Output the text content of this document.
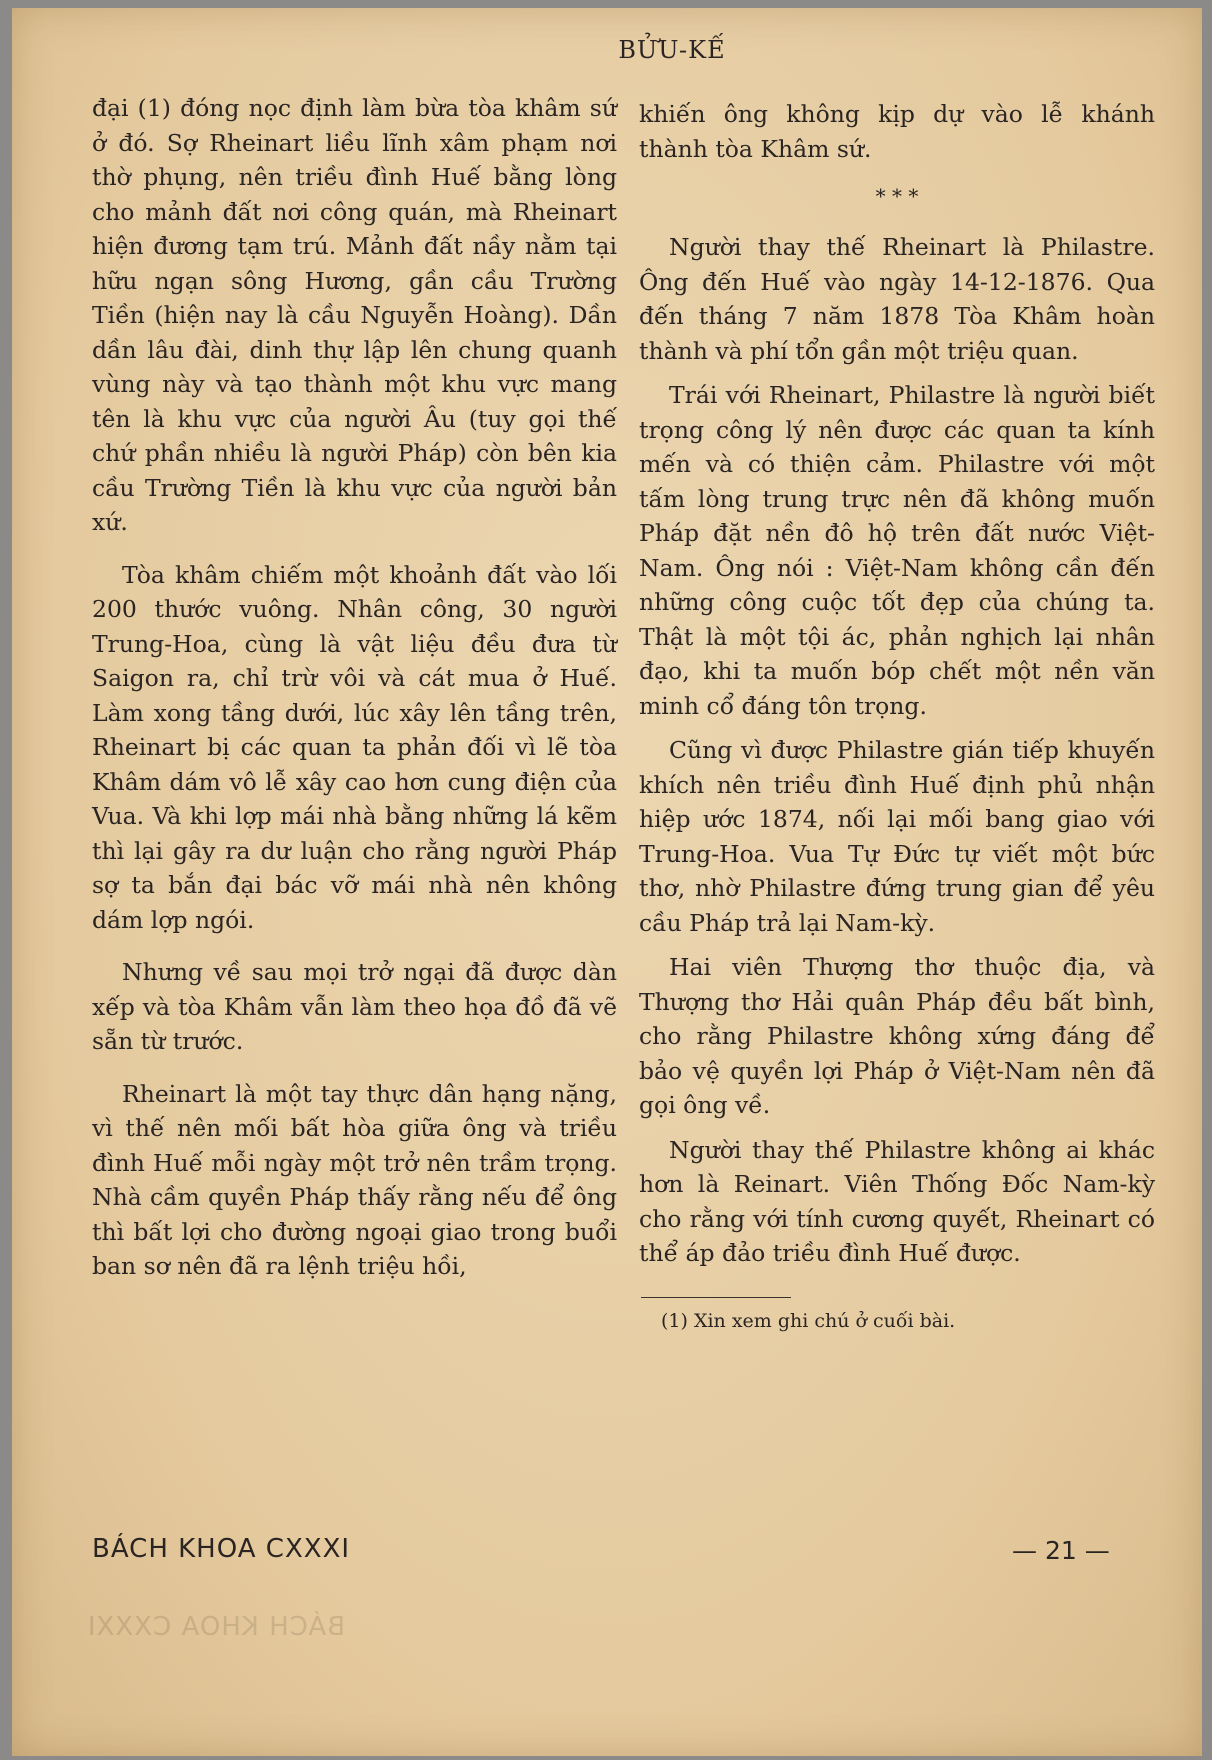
BỬU-KẾ

đại (1) đóng nọc định làm bừa tòa khâm sứ ở đó. Sợ Rheinart liều lĩnh xâm phạm nơi thờ phụng, nên triều đình Huế bằng lòng cho mảnh đất nơi công quán, mà Rheinart hiện đương tạm trú. Mảnh đất nầy nằm tại hữu ngạn sông Hương, gần cầu Trường Tiền (hiện nay là cầu Nguyễn Hoàng). Dần dần lâu đài, dinh thự lập lên chung quanh vùng này và tạo thành một khu vực mang tên là khu vực của người Âu (tuy gọi thế chứ phần nhiều là người Pháp) còn bên kia cầu Trường Tiền là khu vực của người bản xứ.

Tòa khâm chiếm một khoảnh đất vào lối 200 thước vuông. Nhân công, 30 người Trung-Hoa, cùng là vật liệu đều đưa từ Saigon ra, chỉ trừ vôi và cát mua ở Huế. Làm xong tầng dưới, lúc xây lên tầng trên, Rheinart bị các quan ta phản đối vì lẽ tòa Khâm dám vô lễ xây cao hơn cung điện của Vua. Và khi lợp mái nhà bằng những lá kẽm thì lại gây ra dư luận cho rằng người Pháp sợ ta bắn đại bác vỡ mái nhà nên không dám lợp ngói.

Nhưng về sau mọi trở ngại đã được dàn xếp và tòa Khâm vẫn làm theo họa đồ đã vẽ sẵn từ trước.

Rheinart là một tay thực dân hạng nặng, vì thế nên mối bất hòa giữa ông và triều đình Huế mỗi ngày một trở nên trầm trọng. Nhà cầm quyền Pháp thấy rằng nếu để ông thì bất lợi cho đường ngoại giao trong buổi ban sơ nên đã ra lệnh triệu hồi,

khiến ông không kịp dự vào lễ khánh thành tòa Khâm sứ.

* * *

Người thay thế Rheinart là Philastre. Ông đến Huế vào ngày 14-12-1876. Qua đến tháng 7 năm 1878 Tòa Khâm hoàn thành và phí tổn gần một triệu quan.

Trái với Rheinart, Philastre là người biết trọng công lý nên được các quan ta kính mến và có thiện cảm. Philastre với một tấm lòng trung trực nên đã không muốn Pháp đặt nền đô hộ trên đất nước Việt-Nam. Ông nói : Việt-Nam không cần đến những công cuộc tốt đẹp của chúng ta. Thật là một tội ác, phản nghịch lại nhân đạo, khi ta muốn bóp chết một nền văn minh cổ đáng tôn trọng.

Cũng vì được Philastre gián tiếp khuyến khích nên triều đình Huế định phủ nhận hiệp ước 1874, nối lại mối bang giao với Trung-Hoa. Vua Tự Đức tự viết một bức thơ, nhờ Philastre đứng trung gian để yêu cầu Pháp trả lại Nam-kỳ.

Hai viên Thượng thơ thuộc địa, và Thượng thơ Hải quân Pháp đều bất bình, cho rằng Philastre không xứng đáng để bảo vệ quyền lợi Pháp ở Việt-Nam nên đã gọi ông về.

Người thay thế Philastre không ai khác hơn là Reinart. Viên Thống Đốc Nam-kỳ cho rằng với tính cương quyết, Rheinart có thể áp đảo triều đình Huế được.

(1) Xin xem ghi chú ở cuối bài.
BÁCH KHOA CXXXI	— 21 —
BÁCH KHOA CXXXI
